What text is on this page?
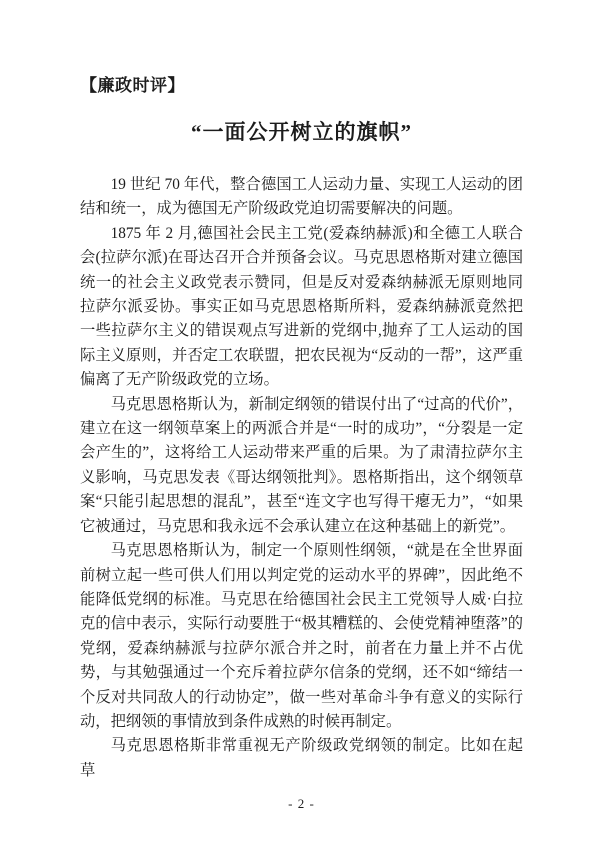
【廉政时评】
“一面公开树立的旗帜”

19 世纪 70 年代，整合德国工人运动力量、实现工人运动的团结和统一，成为德国无产阶级政党迫切需要解决的问题。

1875 年 2 月,德国社会民主工党(爱森纳赫派)和全德工人联合会(拉萨尔派)在哥达召开合并预备会议。马克思恩格斯对建立德国统一的社会主义政党表示赞同，但是反对爱森纳赫派无原则地同拉萨尔派妥协。事实正如马克思恩格斯所料，爱森纳赫派竟然把一些拉萨尔主义的错误观点写进新的党纲中,抛弃了工人运动的国际主义原则，并否定工农联盟，把农民视为“反动的一帮”，这严重偏离了无产阶级政党的立场。

马克思恩格斯认为，新制定纲领的错误付出了“过高的代价”，建立在这一纲领草案上的两派合并是“一时的成功”，“分裂是一定会产生的”，这将给工人运动带来严重的后果。为了肃清拉萨尔主义影响，马克思发表《哥达纲领批判》。恩格斯指出，这个纲领草案“只能引起思想的混乱”，甚至“连文字也写得干瘪无力”，“如果它被通过，马克思和我永远不会承认建立在这种基础上的新党”。

马克思恩格斯认为，制定一个原则性纲领，“就是在全世界面前树立起一些可供人们用以判定党的运动水平的界碑”，因此绝不能降低党纲的标准。马克思在给德国社会民主工党领导人威·白拉克的信中表示，实际行动要胜于“极其糟糕的、会使党精神堕落”的党纲，爱森纳赫派与拉萨尔派合并之时，前者在力量上并不占优势，与其勉强通过一个充斥着拉萨尔信条的党纲，还不如“缔结一个反对共同敌人的行动协定”，做一些对革命斗争有意义的实际行动，把纲领的事情放到条件成熟的时候再制定。

马克思恩格斯非常重视无产阶级政党纲领的制定。比如在起草

- 2 -
